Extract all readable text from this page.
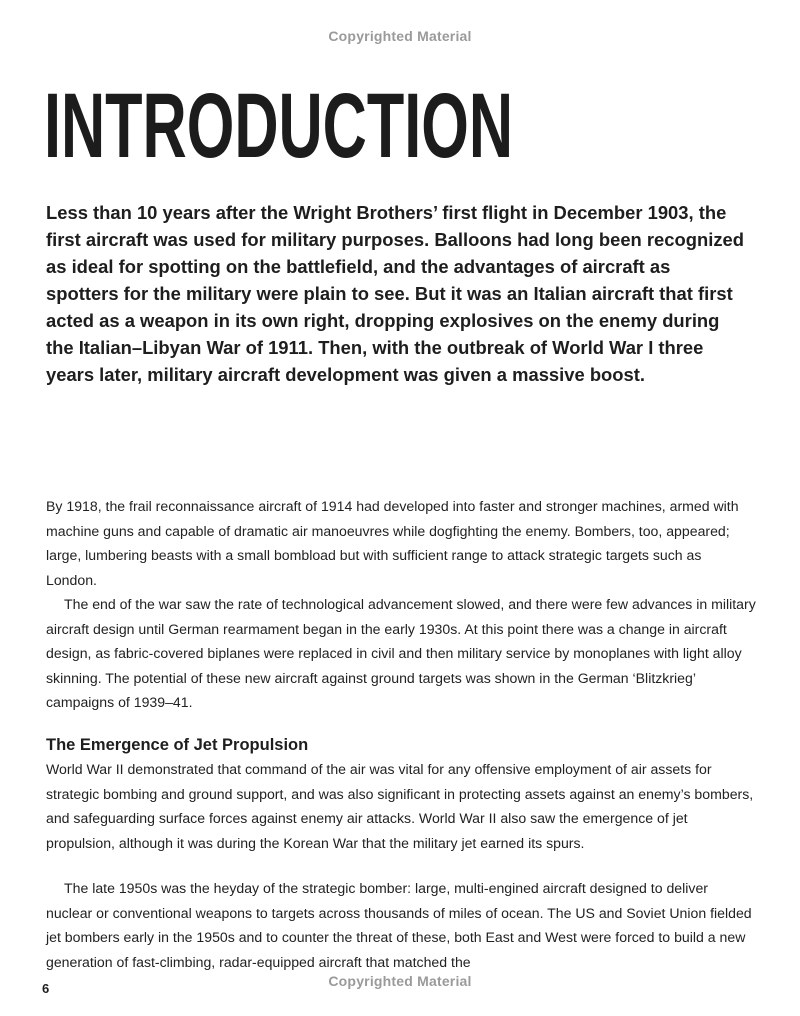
Copyrighted Material
INTRODUCTION

Less than 10 years after the Wright Brothers’ first flight in December 1903, the first aircraft was used for military purposes. Balloons had long been recognized as ideal for spotting on the battlefield, and the advantages of aircraft as spotters for the military were plain to see. But it was an Italian aircraft that first acted as a weapon in its own right, dropping explosives on the enemy during the Italian–Libyan War of 1911. Then, with the outbreak of World War I three years later, military aircraft development was given a massive boost.

By 1918, the frail reconnaissance aircraft of 1914 had developed into faster and stronger machines, armed with machine guns and capable of dramatic air manoeuvres while dogfighting the enemy. Bombers, too, appeared; large, lumbering beasts with a small bombload but with sufficient range to attack strategic targets such as London.

The end of the war saw the rate of technological advancement slowed, and there were few advances in military aircraft design until German rearmament began in the early 1930s. At this point there was a change in aircraft design, as fabric-covered biplanes were replaced in civil and then military service by monoplanes with light alloy skinning. The potential of these new aircraft against ground targets was shown in the German ‘Blitzkrieg’ campaigns of 1939–41.

The Emergence of Jet Propulsion

World War II demonstrated that command of the air was vital for any offensive employment of air assets for strategic bombing and ground support, and was also significant in protecting assets against an enemy’s bombers, and safeguarding surface forces against enemy air attacks. World War II also saw the emergence of jet propulsion, although it was during the Korean War that the military jet earned its spurs.

The late 1950s was the heyday of the strategic bomber: large, multi-engined aircraft designed to deliver nuclear or conventional weapons to targets across thousands of miles of ocean. The US and Soviet Union fielded jet bombers early in the 1950s and to counter the threat of these, both East and West were forced to build a new generation of fast-climbing, radar-equipped aircraft that matched the

6	Copyrighted Material
